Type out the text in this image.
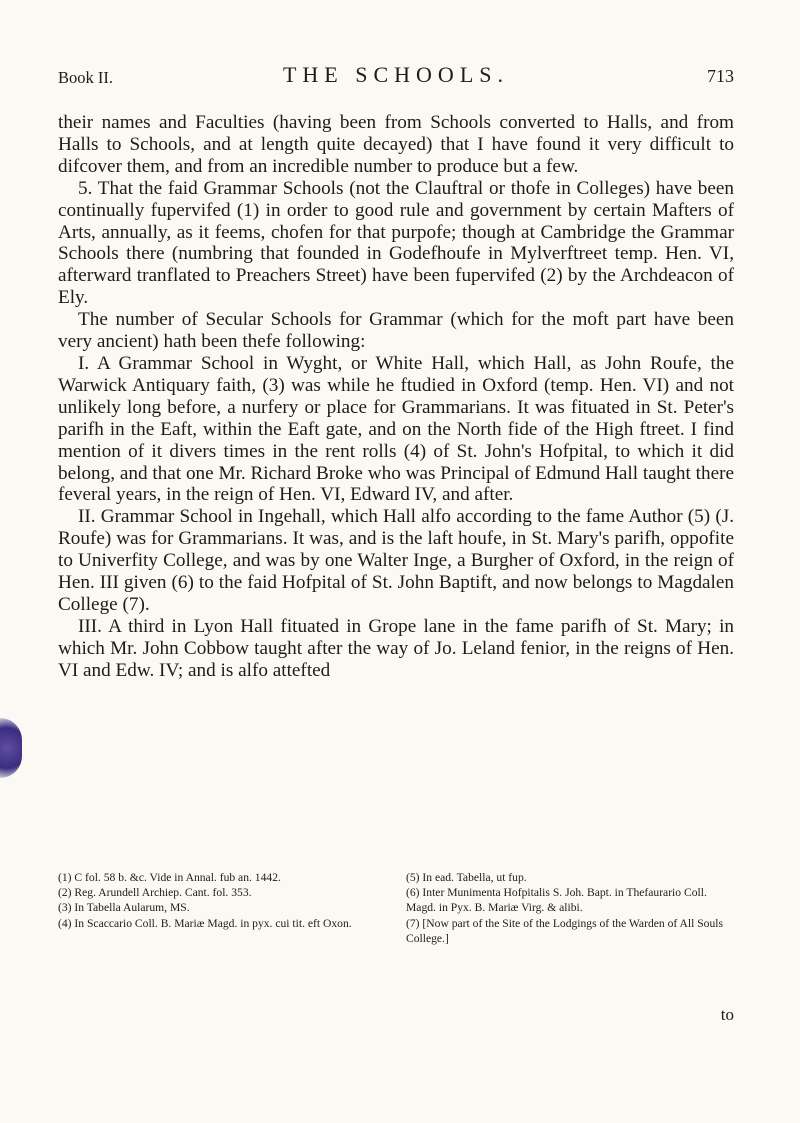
Book II.	THE SCHOOLS.	713

their names and Faculties (having been from Schools converted to Halls, and from Halls to Schools, and at length quite decayed) that I have found it very difficult to difcover them, and from an incredible number to produce but a few.

5. That the faid Grammar Schools (not the Clauftral or thofe in Colleges) have been continually fupervifed (1) in order to good rule and government by certain Mafters of Arts, annually, as it feems, chofen for that purpofe; though at Cambridge the Grammar Schools there (numbring that founded in Godefhoufe in Mylverftreet temp. Hen. VI, afterward tranflated to Preachers Street) have been fupervifed (2) by the Archdeacon of Ely.

The number of Secular Schools for Grammar (which for the moft part have been very ancient) hath been thefe following:

I. A Grammar School in Wyght, or White Hall, which Hall, as John Roufe, the Warwick Antiquary faith, (3) was while he ftudied in Oxford (temp. Hen. VI) and not unlikely long before, a nurfery or place for Grammarians. It was fituated in St. Peter's parifh in the Eaft, within the Eaft gate, and on the North fide of the High ftreet. I find mention of it divers times in the rent rolls (4) of St. John's Hofpital, to which it did belong, and that one Mr. Richard Broke who was Principal of Edmund Hall taught there feveral years, in the reign of Hen. VI, Edward IV, and after.

II. Grammar School in Ingehall, which Hall alfo according to the fame Author (5) (J. Roufe) was for Grammarians. It was, and is the laft houfe, in St. Mary's parifh, oppofite to Univerfity College, and was by one Walter Inge, a Burgher of Oxford, in the reign of Hen. III given (6) to the faid Hofpital of St. John Baptift, and now belongs to Magdalen College (7).

III. A third in Lyon Hall fituated in Grope lane in the fame parifh of St. Mary; in which Mr. John Cobbow taught after the way of Jo. Leland fenior, in the reigns of Hen. VI and Edw. IV; and is alfo attefted

(1) C fol. 58 b. &c. Vide in Annal. fub an. 1442.

(2) Reg. Arundell Archiep. Cant. fol. 353.

(3) In Tabella Aularum, MS.

(4) In Scaccario Coll. B. Mariæ Magd. in pyx. cui tit. eft Oxon.

(5) In ead. Tabella, ut fup.

(6) Inter Munimenta Hofpitalis S. Joh. Bapt. in Thefaurario Coll. Magd. in Pyx. B. Mariæ Virg. & alibi.

(7) [Now part of the Site of the Lodgings of the Warden of All Souls College.]

to
